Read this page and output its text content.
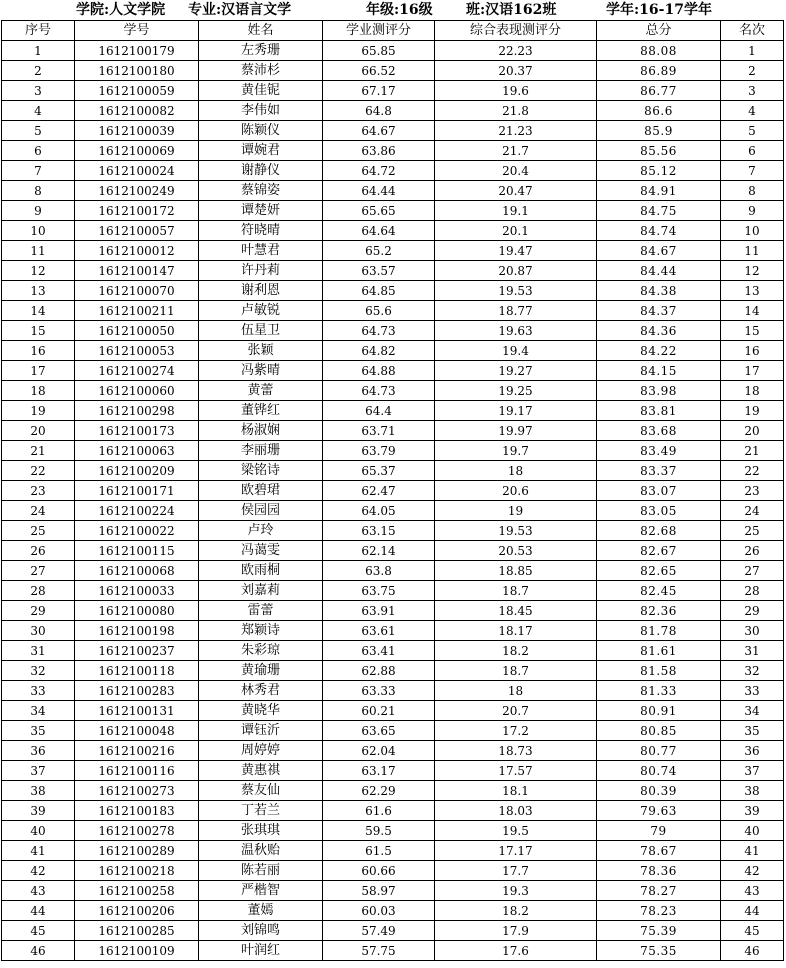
学院:人文学院 专业:汉语言文学	年级:16级 班:汉语162班	学年:16-17学年
序号	学号	姓名	学业测评分	综合表现测评分	总分	名次
1	1612100179	左秀珊	65.85	22.23	88.08	1
2	1612100180	蔡沛杉	66.52	20.37	86.89	2
3	1612100059	黄佳铌	67.17	19.6	86.77	3
4	1612100082	李伟如	64.8	21.8	86.6	4
5	1612100039	陈颖仪	64.67	21.23	85.9	5
6	1612100069	谭婉君	63.86	21.7	85.56	6
7	1612100024	谢静仪	64.72	20.4	85.12	7
8	1612100249	蔡锦姿	64.44	20.47	84.91	8
9	1612100172	谭楚妍	65.65	19.1	84.75	9
10	1612100057	符晓晴	64.64	20.1	84.74	10
11	1612100012	叶慧君	65.2	19.47	84.67	11
12	1612100147	许丹莉	63.57	20.87	84.44	12
13	1612100070	谢利恩	64.85	19.53	84.38	13
14	1612100211	卢敏锐	65.6	18.77	84.37	14
15	1612100050	伍星卫	64.73	19.63	84.36	15
16	1612100053	张颖	64.82	19.4	84.22	16
17	1612100274	冯紫晴	64.88	19.27	84.15	17
18	1612100060	黄蕾	64.73	19.25	83.98	18
19	1612100298	董铧红	64.4	19.17	83.81	19
20	1612100173	杨淑娴	63.71	19.97	83.68	20
21	1612100063	李丽珊	63.79	19.7	83.49	21
22	1612100209	梁铭诗	65.37	18	83.37	22
23	1612100171	欧碧珺	62.47	20.6	83.07	23
24	1612100224	侯园园	64.05	19	83.05	24
25	1612100022	卢玲	63.15	19.53	82.68	25
26	1612100115	冯蔼雯	62.14	20.53	82.67	26
27	1612100068	欧雨桐	63.8	18.85	82.65	27
28	1612100033	刘嘉莉	63.75	18.7	82.45	28
29	1612100080	雷蕾	63.91	18.45	82.36	29
30	1612100198	郑颖诗	63.61	18.17	81.78	30
31	1612100237	朱彩琼	63.41	18.2	81.61	31
32	1612100118	黄瑜珊	62.88	18.7	81.58	32
33	1612100283	林秀君	63.33	18	81.33	33
34	1612100131	黄晓华	60.21	20.7	80.91	34
35	1612100048	谭钰沂	63.65	17.2	80.85	35
36	1612100216	周婷婷	62.04	18.73	80.77	36
37	1612100116	黄惠祺	63.17	17.57	80.74	37
38	1612100273	蔡友仙	62.29	18.1	80.39	38
39	1612100183	丁若兰	61.6	18.03	79.63	39
40	1612100278	张琪琪	59.5	19.5	79	40
41	1612100289	温秋贻	61.5	17.17	78.67	41
42	1612100218	陈若丽	60.66	17.7	78.36	42
43	1612100258	严楷智	58.97	19.3	78.27	43
44	1612100206	董嫣	60.03	18.2	78.23	44
45	1612100285	刘锦鸣	57.49	17.9	75.39	45
46	1612100109	叶润红	57.75	17.6	75.35	46
